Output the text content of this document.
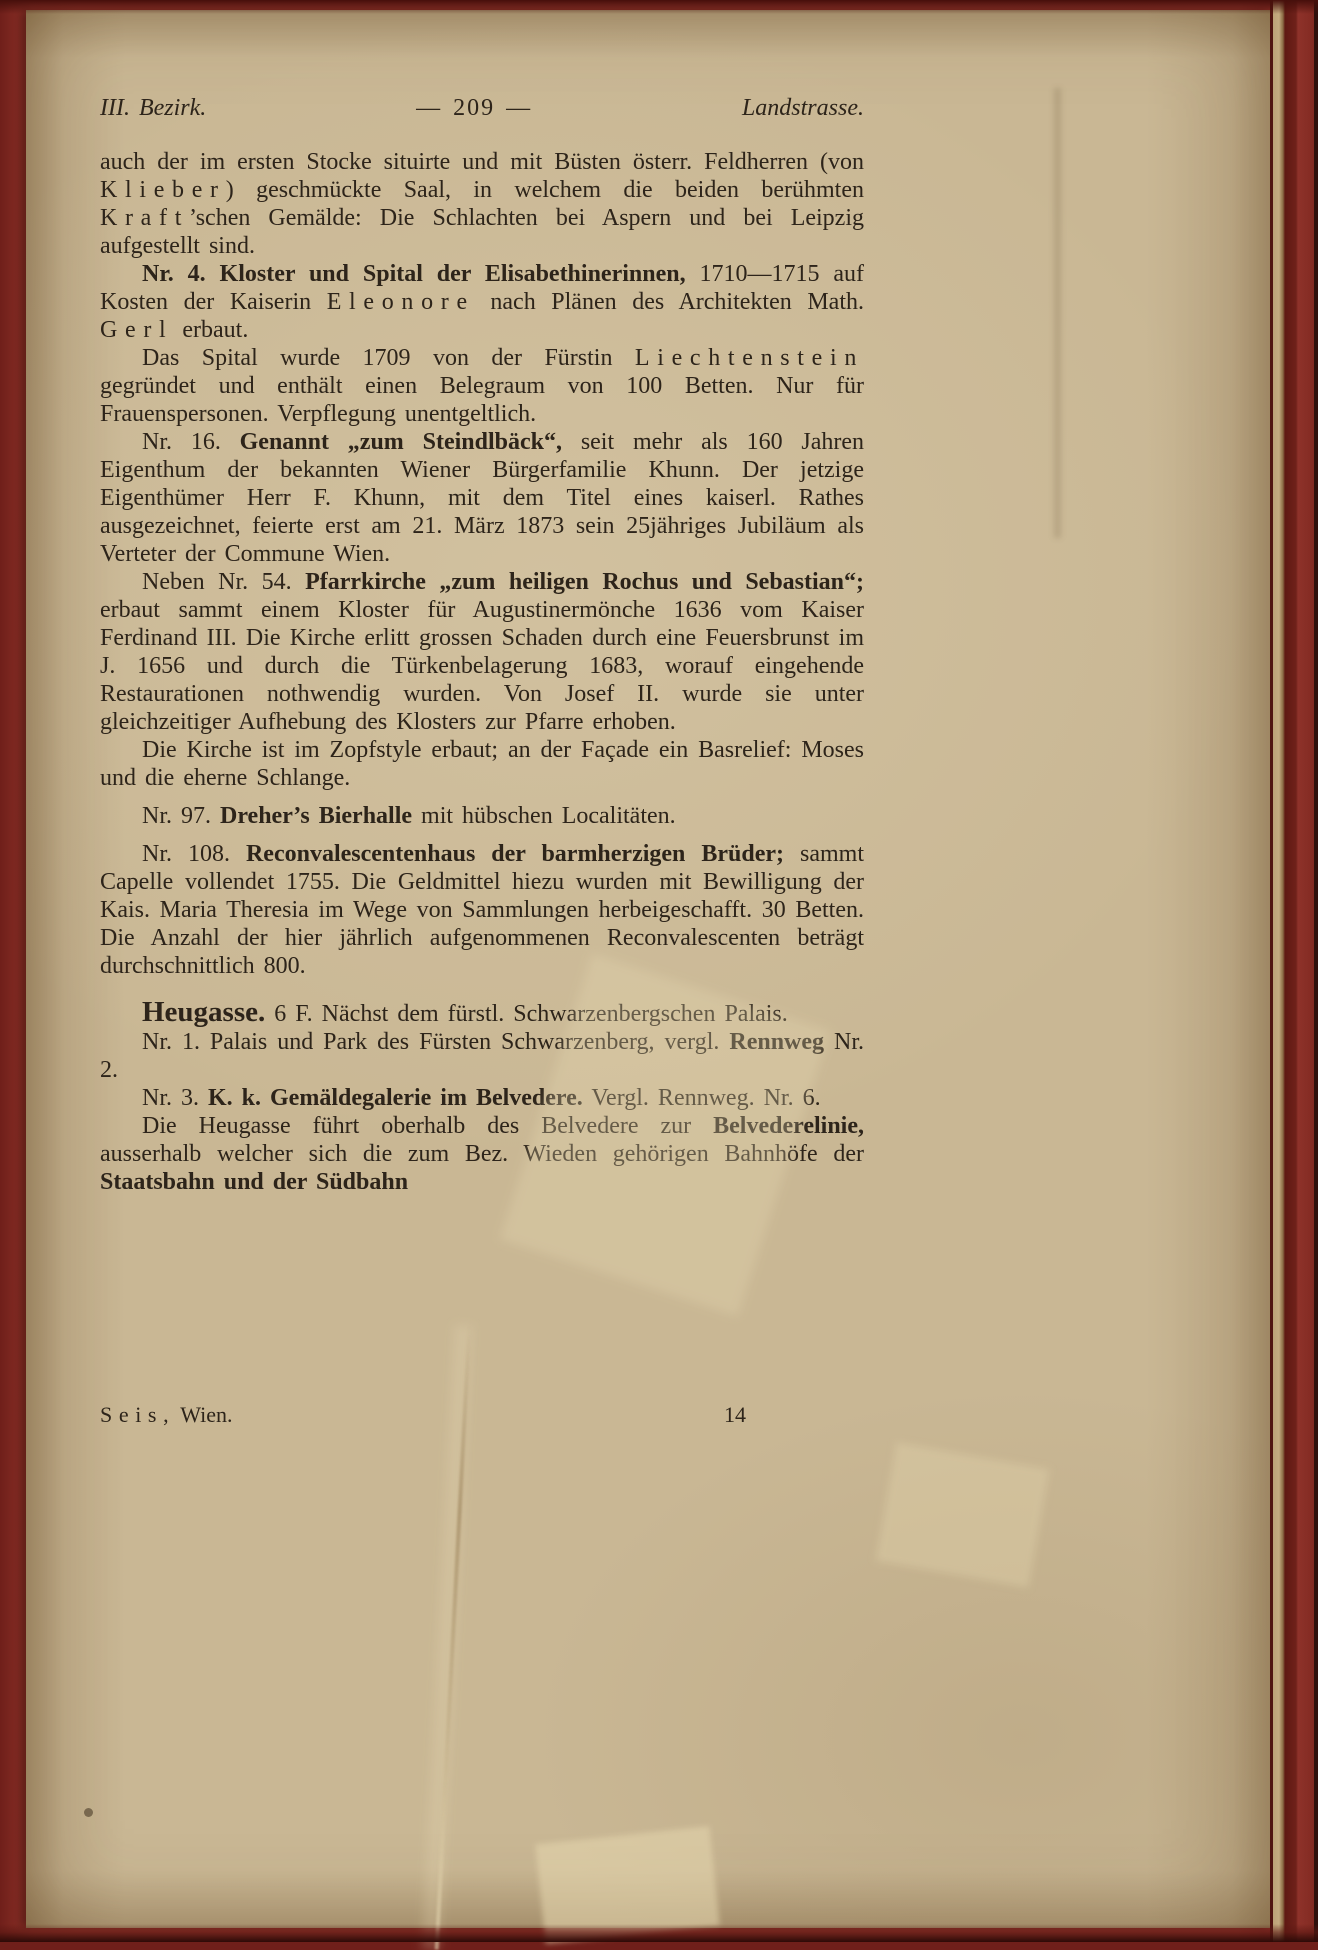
III. Bezirk.	— 209 —	Landstrasse.

auch der im ersten Stocke situirte und mit Büsten österr. Feldherren (von Klieber) geschmückte Saal, in welchem die beiden berühmten Kraft’schen Gemälde: Die Schlachten bei Aspern und bei Leipzig aufgestellt sind.

Nr. 4. Kloster und Spital der Elisabethinerinnen, 1710—1715 auf Kosten der Kaiserin Eleonore nach Plänen des Architekten Math. Gerl erbaut.

Das Spital wurde 1709 von der Fürstin Liechtenstein gegründet und enthält einen Belegraum von 100 Betten. Nur für Frauenspersonen. Verpflegung unentgeltlich.

Nr. 16. Genannt „zum Steindlbäck“, seit mehr als 160 Jahren Eigenthum der bekannten Wiener Bürgerfamilie Khunn. Der jetzige Eigenthümer Herr F. Khunn, mit dem Titel eines kaiserl. Rathes ausgezeichnet, feierte erst am 21. März 1873 sein 25jähriges Jubiläum als Verteter der Commune Wien.

Neben Nr. 54. Pfarrkirche „zum heiligen Rochus und Sebastian“; erbaut sammt einem Kloster für Augustinermönche 1636 vom Kaiser Ferdinand III. Die Kirche erlitt grossen Schaden durch eine Feuersbrunst im J. 1656 und durch die Türkenbelagerung 1683, worauf eingehende Restaurationen nothwendig wurden. Von Josef II. wurde sie unter gleichzeitiger Aufhebung des Klosters zur Pfarre erhoben.

Die Kirche ist im Zopfstyle erbaut; an der Façade ein Basrelief: Moses und die eherne Schlange.

Nr. 97. Dreher’s Bierhalle mit hübschen Localitäten.

Nr. 108. Reconvalescentenhaus der barmherzigen Brüder; sammt Capelle vollendet 1755. Die Geldmittel hiezu wurden mit Bewilligung der Kais. Maria Theresia im Wege von Sammlungen herbeigeschafft. 30 Betten. Die Anzahl der hier jährlich aufgenommenen Reconvalescenten beträgt durchschnittlich 800.

Heugasse. 6 F. Nächst dem fürstl. Schwarzenbergschen Palais.

Nr. 1. Palais und Park des Fürsten Schwarzenberg, vergl. Rennweg Nr. 2.

Nr. 3. K. k. Gemäldegalerie im Belvedere. Vergl. Rennweg. Nr. 6.

Die Heugasse führt oberhalb des Belvedere zur Belvederelinie, ausserhalb welcher sich die zum Bez. Wieden gehörigen Bahnhöfe der Staatsbahn und der Südbahn

Seis, Wien.	14
